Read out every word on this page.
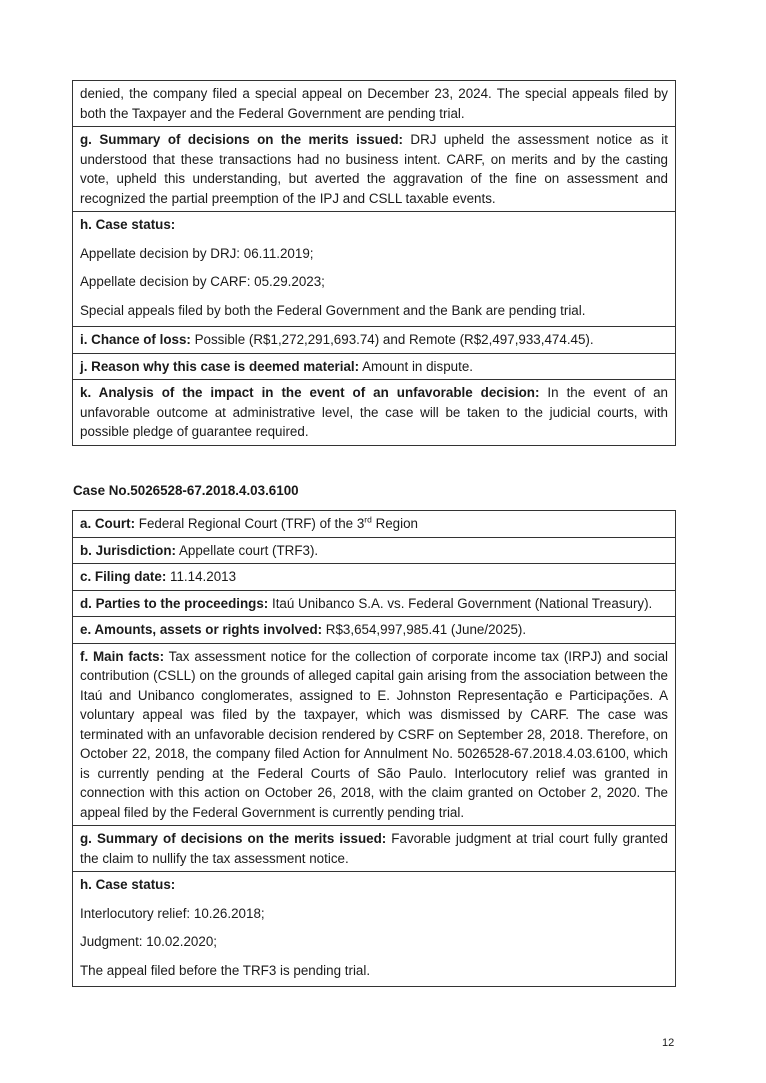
denied, the company filed a special appeal on December 23, 2024. The special appeals filed by both the Taxpayer and the Federal Government are pending trial.
g. Summary of decisions on the merits issued: DRJ upheld the assessment notice as it understood that these transactions had no business intent. CARF, on merits and by the casting vote, upheld this understanding, but averted the aggravation of the fine on assessment and recognized the partial preemption of the IPJ and CSLL taxable events.

h. Case status:

Appellate decision by DRJ: 06.11.2019;

Appellate decision by CARF: 05.29.2023;

Special appeals filed by both the Federal Government and the Bank are pending trial.

i. Chance of loss: Possible (R$1,272,291,693.74) and Remote (R$2,497,933,474.45).
j. Reason why this case is deemed material: Amount in dispute.
k. Analysis of the impact in the event of an unfavorable decision: In the event of an unfavorable outcome at administrative level, the case will be taken to the judicial courts, with possible pledge of guarantee required.
Case No.5026528-67.2018.4.03.6100
a. Court: Federal Regional Court (TRF) of the 3rd Region
b. Jurisdiction: Appellate court (TRF3).
c. Filing date: 11.14.2013
d. Parties to the proceedings: Itaú Unibanco S.A. vs. Federal Government (National Treasury).
e. Amounts, assets or rights involved: R$3,654,997,985.41 (June/2025).
f. Main facts: Tax assessment notice for the collection of corporate income tax (IRPJ) and social contribution (CSLL) on the grounds of alleged capital gain arising from the association between the Itaú and Unibanco conglomerates, assigned to E. Johnston Representação e Participações. A voluntary appeal was filed by the taxpayer, which was dismissed by CARF. The case was terminated with an unfavorable decision rendered by CSRF on September 28, 2018. Therefore, on October 22, 2018, the company filed Action for Annulment No. 5026528-67.2018.4.03.6100, which is currently pending at the Federal Courts of São Paulo. Interlocutory relief was granted in connection with this action on October 26, 2018, with the claim granted on October 2, 2020. The appeal filed by the Federal Government is currently pending trial.
g. Summary of decisions on the merits issued: Favorable judgment at trial court fully granted the claim to nullify the tax assessment notice.

h. Case status:

Interlocutory relief: 10.26.2018;

Judgment: 10.02.2020;

The appeal filed before the TRF3 is pending trial.

12
